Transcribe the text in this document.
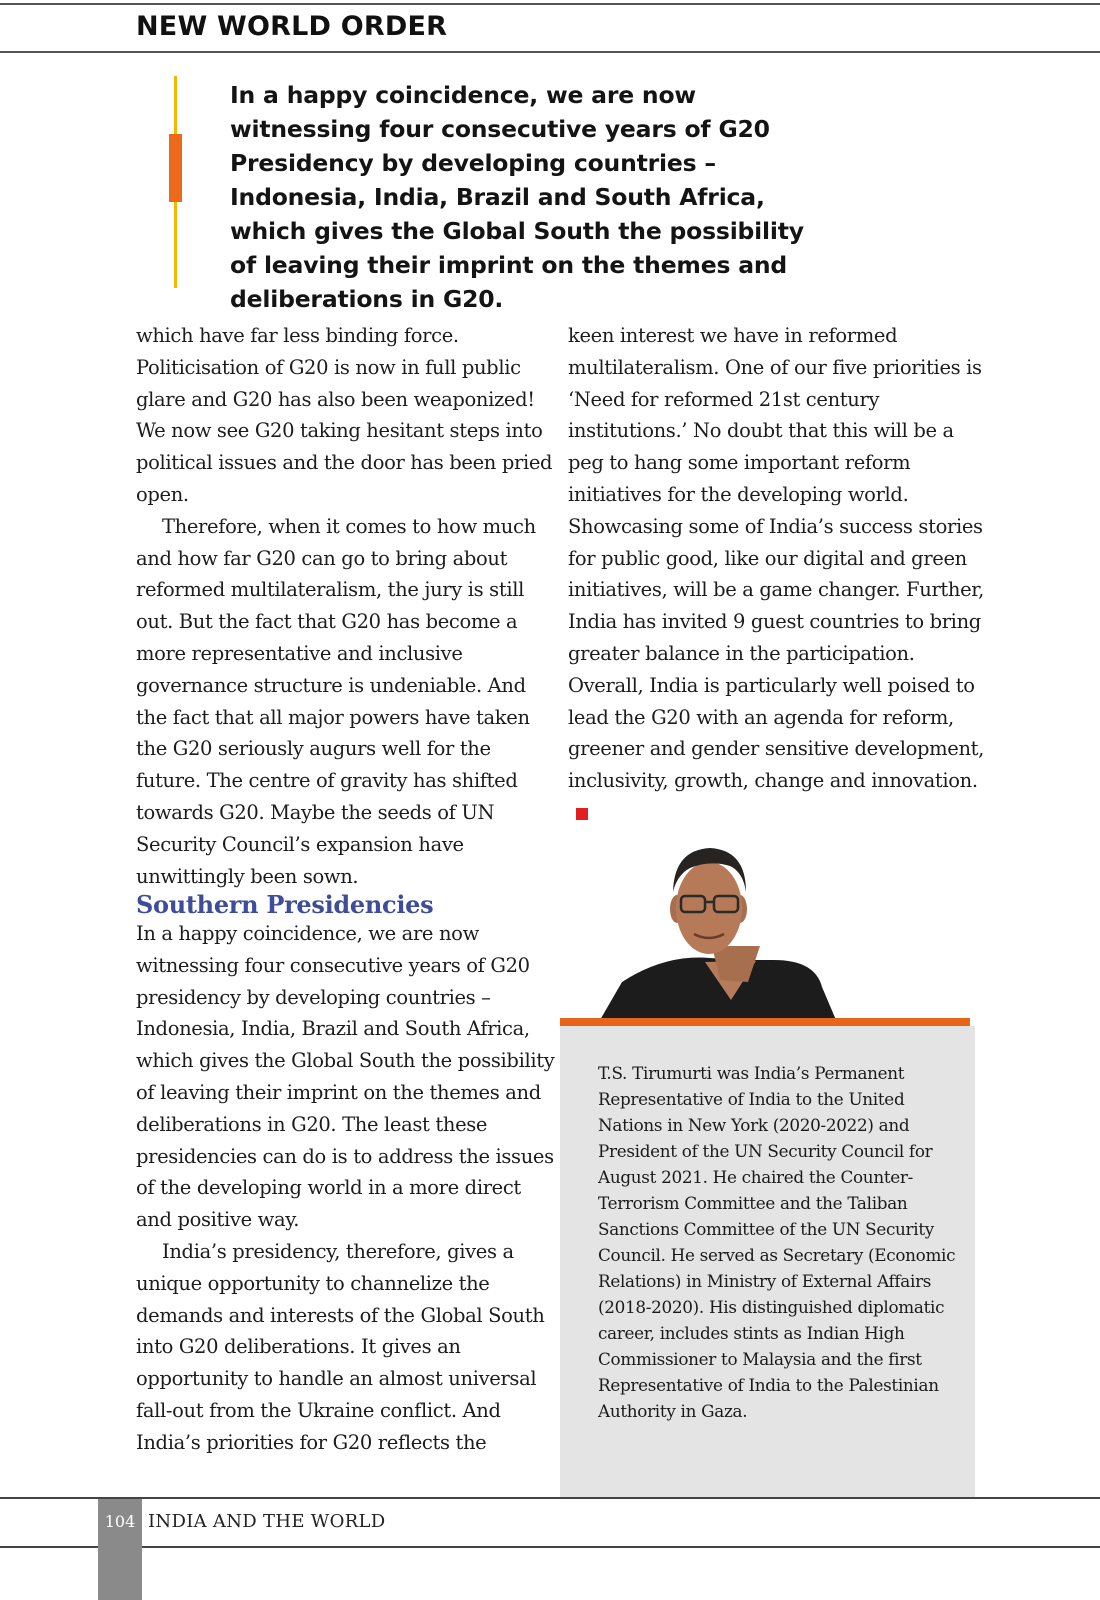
NEW WORLD ORDER

In a happy coincidence, we are now witnessing four consecutive years of G20 Presidency by developing countries – Indonesia, India, Brazil and South Africa, which gives the Global South the possibility of leaving their imprint on the themes and deliberations in G20.

which have far less binding force. Politicisation of G20 is now in full public glare and G20 has also been weaponized! We now see G20 taking hesitant steps into political issues and the door has been pried open.

Therefore, when it comes to how much and how far G20 can go to bring about reformed multilateralism, the jury is still out. But the fact that G20 has become a more representative and inclusive governance structure is undeniable. And the fact that all major powers have taken the G20 seriously augurs well for the future. The centre of gravity has shifted towards G20. Maybe the seeds of UN Security Council’s expansion have unwittingly been sown.

Southern Presidencies

In a happy coincidence, we are now witnessing four consecutive years of G20 presidency by developing countries – Indonesia, India, Brazil and South Africa, which gives the Global South the possibility of leaving their imprint on the themes and deliberations in G20. The least these presidencies can do is to address the issues of the developing world in a more direct and positive way.

India’s presidency, therefore, gives a unique opportunity to channelize the demands and interests of the Global South into G20 deliberations. It gives an opportunity to handle an almost universal fall-out from the Ukraine conflict. And India’s priorities for G20 reflects the

keen interest we have in reformed multilateralism. One of our five priorities is ‘Need for reformed 21st century institutions.’ No doubt that this will be a peg to hang some important reform initiatives for the developing world. Showcasing some of India’s success stories for public good, like our digital and green initiatives, will be a game changer. Further, India has invited 9 guest countries to bring greater balance in the participation. Overall, India is particularly well poised to lead the G20 with an agenda for reform, greener and gender sensitive development, inclusivity, growth, change and innovation.

T.S. Tirumurti was India’s Permanent Representative of India to the United Nations in New York (2020-2022) and President of the UN Security Council for August 2021. He chaired the Counter-Terrorism Committee and the Taliban Sanctions Committee of the UN Security Council. He served as Secretary (Economic Relations) in Ministry of External Affairs (2018-2020). His distinguished diplomatic career, includes stints as Indian High Commissioner to Malaysia and the first Representative of India to the Palestinian Authority in Gaza.

104 INDIA AND THE WORLD
